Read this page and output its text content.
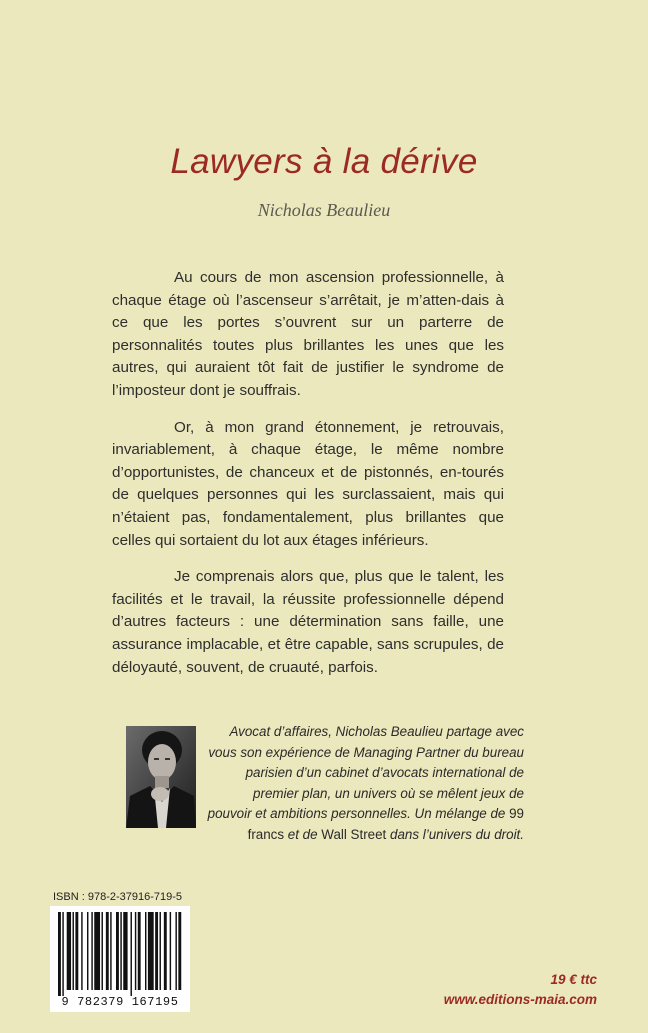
Lawyers à la dérive
Nicholas Beaulieu

Au cours de mon ascension professionnelle, à chaque étage où l’ascenseur s’arrêtait, je m’atten-dais à ce que les portes s’ouvrent sur un parterre de personnalités toutes plus brillantes les unes que les autres, qui auraient tôt fait de justifier le syndrome de l’imposteur dont je souffrais.

Or, à mon grand étonnement, je retrouvais, invariablement, à chaque étage, le même nombre d’opportunistes, de chanceux et de pistonnés, en-tourés de quelques personnes qui les surclassaient, mais qui n’étaient pas, fondamentalement, plus brillantes que celles qui sortaient du lot aux étages inférieurs.

Je comprenais alors que, plus que le talent, les facilités et le travail, la réussite professionnelle dépend d’autres facteurs : une détermination sans faille, une assurance implacable, et être capable, sans scrupules, de déloyauté, souvent, de cruauté, parfois.

Avocat d’affaires, Nicholas Beaulieu partage avec vous son expérience de Managing Partner du bureau parisien d’un cabinet d’avocats international de premier plan, un univers où se mêlent jeux de pouvoir et ambitions personnelles. Un mélange de 99 francs et de Wall Street dans l’univers du droit.
ISBN : 978-2-37916-719-5
9 782379 167195
19 € ttc
www.editions-maia.com
